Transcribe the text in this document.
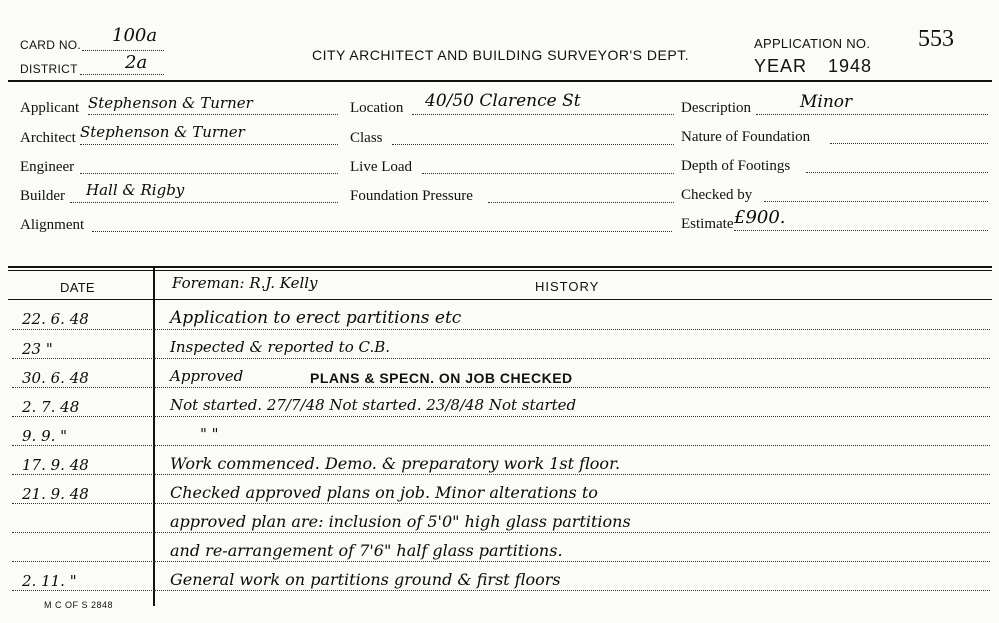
CARD NO. 100a
DISTRICT	2a	CITY ARCHITECT AND BUILDING SURVEYOR'S DEPT.
APPLICATION NO. 553
YEAR 1948
Applicant Stephenson & Turner
Architect Stephenson & Turner
Engineer
Builder Hall & Rigby
Alignment
Location 40/50 Clarence St
Class
Live Load
Foundation Pressure
Description	Minor
Nature of Foundation
Depth of Footings
Checked by
Estimate £900.
DATE	HISTORY
Foreman: R.J. Kelly
22. 6. 48	Application to erect partitions etc
23 "	Inspected & reported to C.B.
30. 6. 48	Approved	PLANS & SPECN. ON JOB CHECKED
2. 7. 48	Not started. 27/7/48 Not started. 23/8/48 Not started
9. 9. "	" "
17. 9. 48	Work commenced. Demo. & preparatory work 1st floor.
21. 9. 48	Checked approved plans on job. Minor alterations to
approved plan are: inclusion of 5'0" high glass partitions
and re-arrangement of 7'6" half glass partitions.
2. 11. "	General work on partitions ground & first floors
M C OF S 2848
